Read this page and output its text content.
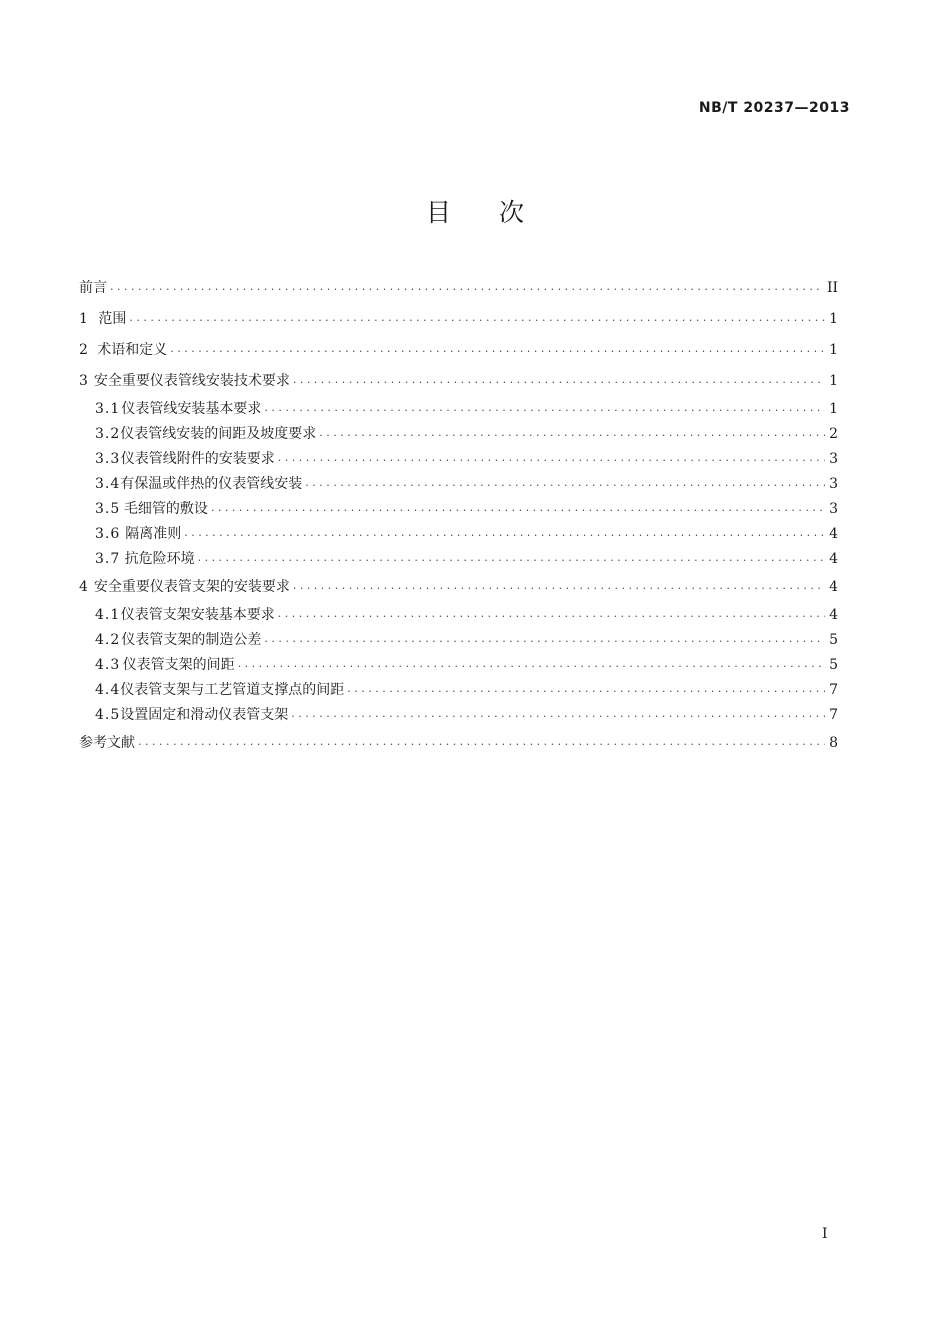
NB/T 20237—2013
目次
前言 . . .	II
1 范围 . . .	1
2 术语和定义 . . .	1
3 安全重要仪表管线安装技术要求 . . .	1
3.1 仪表管线安装基本要求 . . .	1
3.2 仪表管线安装的间距及坡度要求 . . .	2
3.3 仪表管线附件的安装要求 . . .	3
3.4 有保温或伴热的仪表管线安装 . . .	3
3.5 毛细管的敷设 . . .	3
3.6 隔离准则 . . .	4
3.7 抗危险环境 . . .	4
4 安全重要仪表管支架的安装要求 . . .	4
4.1 仪表管支架安装基本要求 . . .	4
4.2 仪表管支架的制造公差 . . .	5
4.3 仪表管支架的间距 . . .	5
4.4 仪表管支架与工艺管道支撑点的间距 . . .	7
4.5 设置固定和滑动仪表管支架 . . .	7
参考文献 . . .	8
I
